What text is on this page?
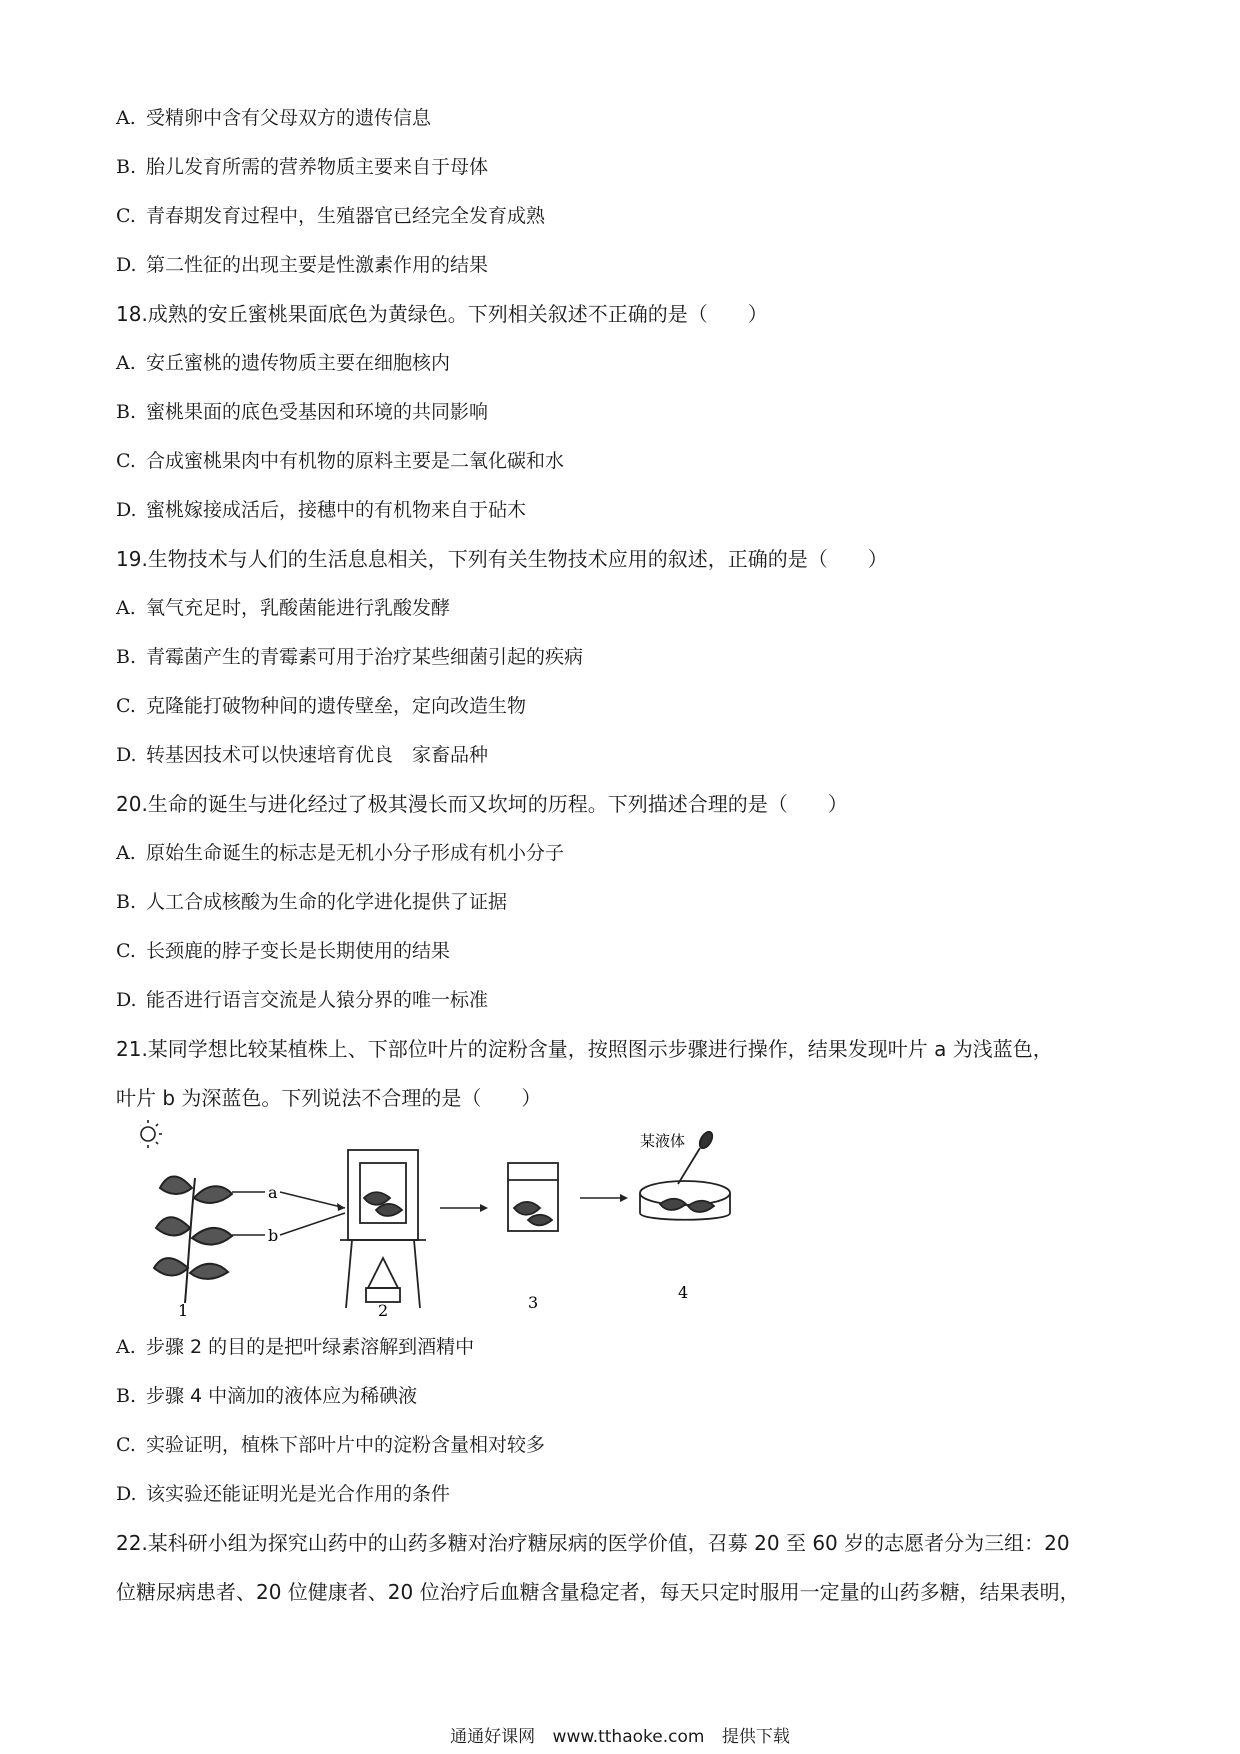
A. 受精卵中含有父母双方的遗传信息
B. 胎儿发育所需的营养物质主要来自于母体
C. 青春期发育过程中，生殖器官已经完全发育成熟
D. 第二性征的出现主要是性激素作用的结果
18.成熟的安丘蜜桃果面底色为黄绿色。下列相关叙述不正确的是（　　）
A. 安丘蜜桃的遗传物质主要在细胞核内
B. 蜜桃果面的底色受基因和环境的共同影响
C. 合成蜜桃果肉中有机物的原料主要是二氧化碳和水
D. 蜜桃嫁接成活后，接穗中的有机物来自于砧木
19.生物技术与人们的生活息息相关，下列有关生物技术应用的叙述，正确的是（　　）
A. 氧气充足时，乳酸菌能进行乳酸发酵
B. 青霉菌产生的青霉素可用于治疗某些细菌引起的疾病
C. 克隆能打破物种间的遗传壁垒，定向改造生物
D. 转基因技术可以快速培育优良　家畜品种
20.生命的诞生与进化经过了极其漫长而又坎坷的历程。下列描述合理的是（　　）
A. 原始生命诞生的标志是无机小分子形成有机小分子
B. 人工合成核酸为生命的化学进化提供了证据
C. 长颈鹿的脖子变长是长期使用的结果
D. 能否进行语言交流是人猿分界的唯一标准
21.某同学想比较某植株上、下部位叶片的淀粉含量，按照图示步骤进行操作，结果发现叶片 a 为浅蓝色，
叶片 b 为深蓝色。下列说法不合理的是（　　）
a
b
某液体
1	2	3
4
A. 步骤 2 的目的是把叶绿素溶解到酒精中
B. 步骤 4 中滴加的液体应为稀碘液
C. 实验证明，植株下部叶片中的淀粉含量相对较多
D. 该实验还能证明光是光合作用的条件
22.某科研小组为探究山药中的山药多糖对治疗糖尿病的医学价值，召募 20 至 60 岁的志愿者分为三组：20
位糖尿病患者、20 位健康者、20 位治疗后血糖含量稳定者，每天只定时服用一定量的山药多糖，结果表明，
通通好课网 www.tthaoke.com 提供下载
